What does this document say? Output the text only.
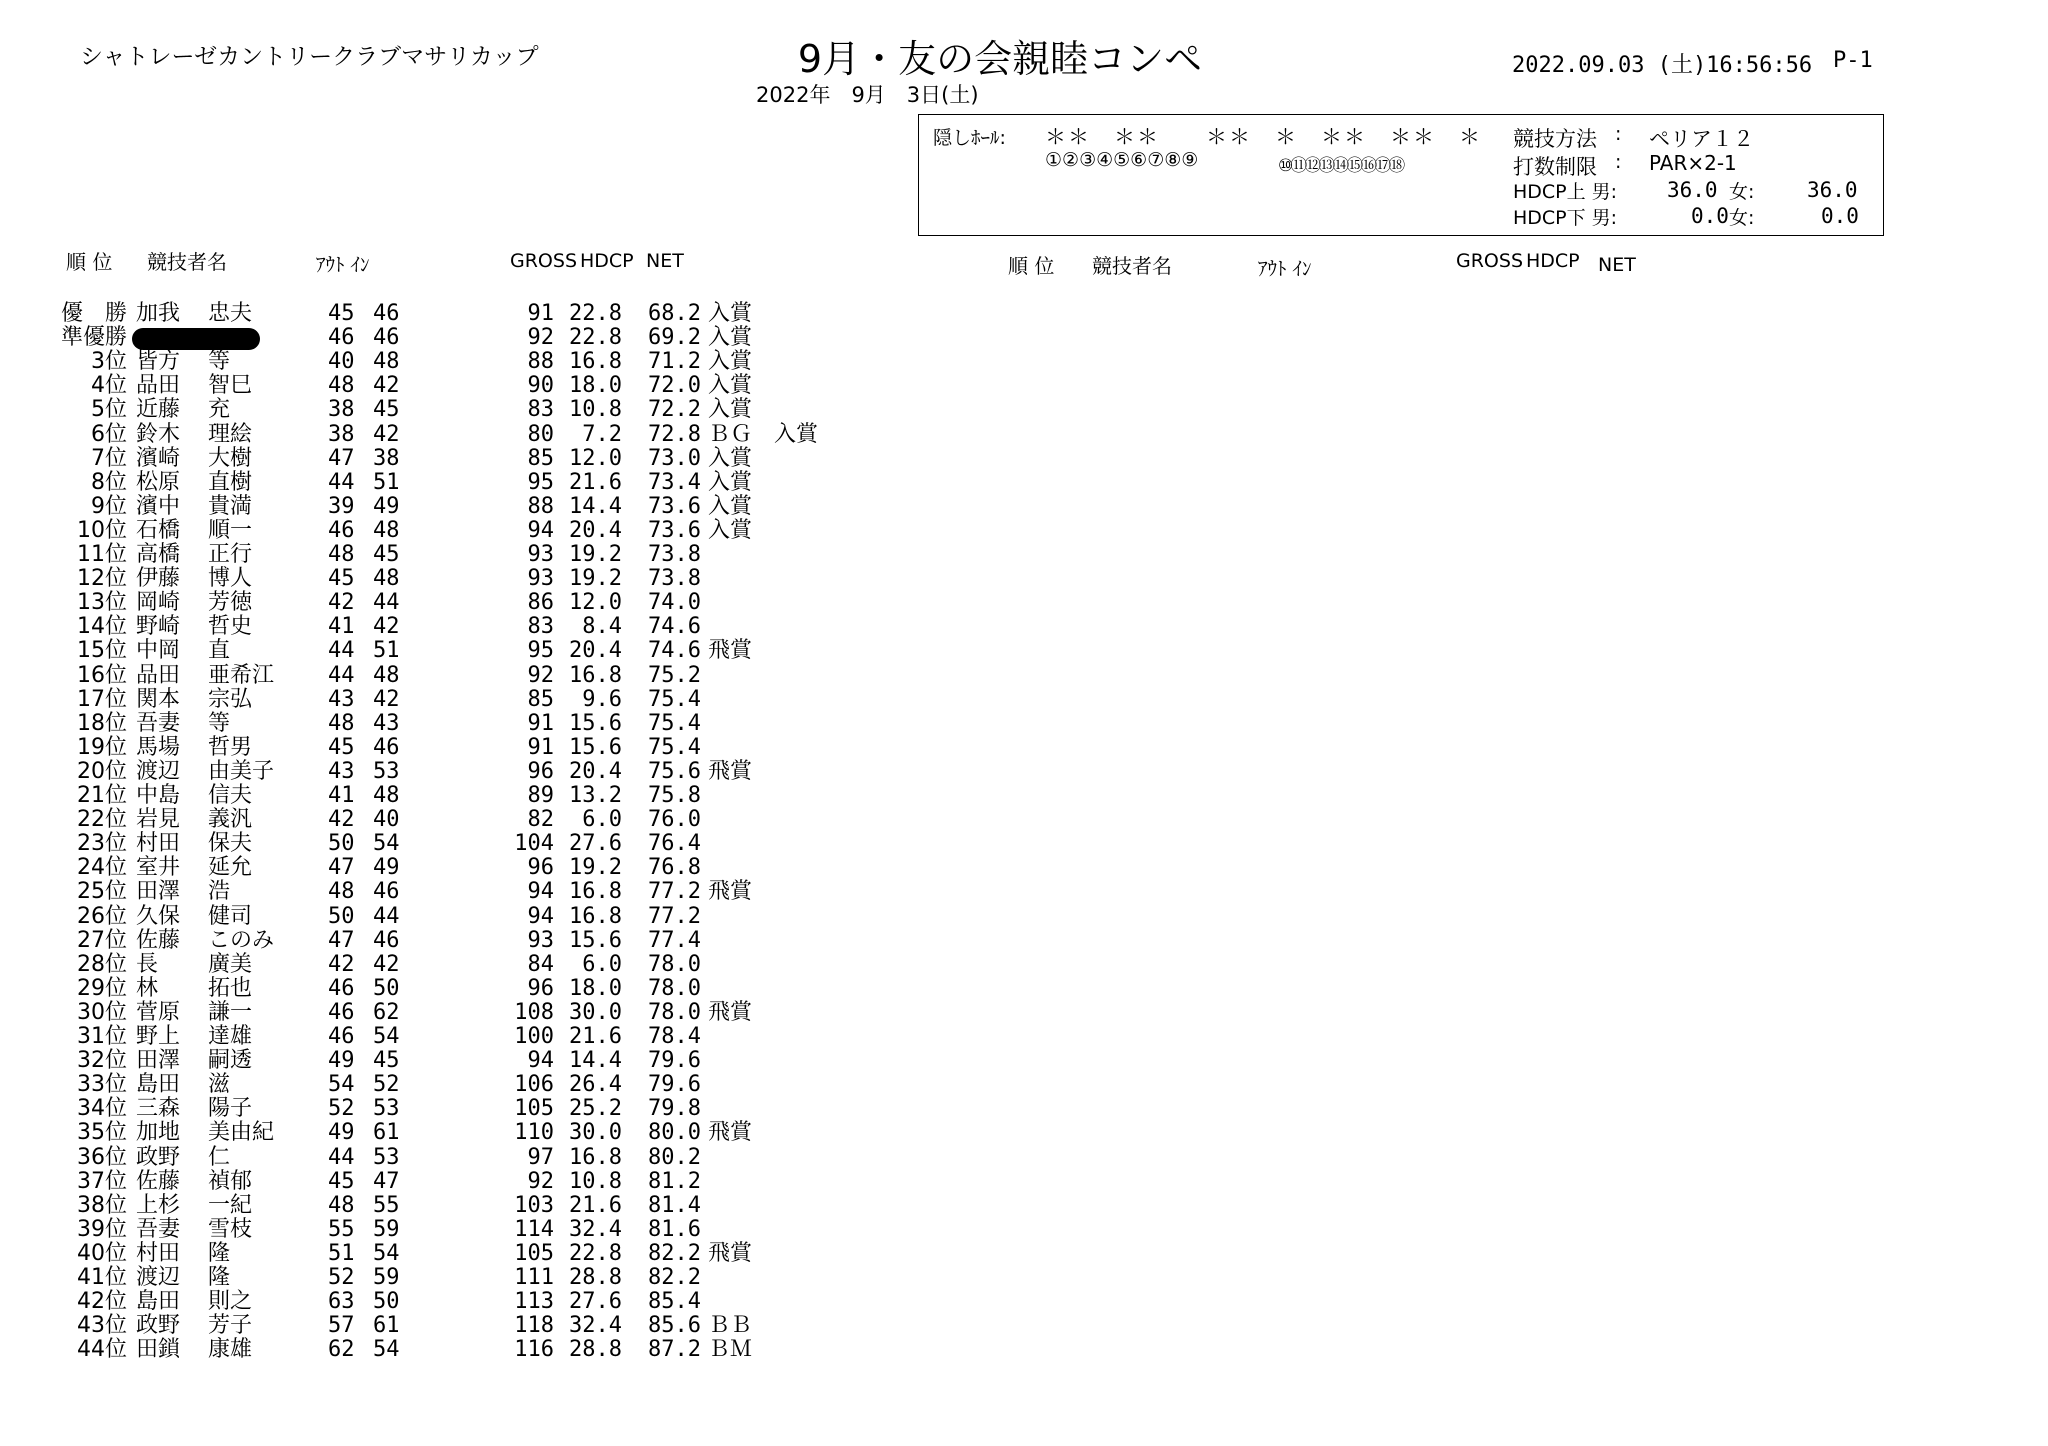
シャトレーゼカントリークラブマサリカップ	9月・友の会親睦コンペ	2022.09.03 (土)16:56:56 P-1
2022年　9月　3日(土)
隠しﾎｰﾙ: ＊＊　＊＊　　＊＊　＊　＊＊　＊＊　＊
①②③④⑤⑥⑦⑧⑨	⑩⑪⑫⑬⑭⑮⑯⑰⑱
競技方法 : ペリア１２
打数制限 : PAR×2-1
HDCP上 男: 36.0 女:	36.0
HDCP下 男:	0.0 女:	0.0
順 位 競技者名	ｱｳﾄ ｲﾝ	GROSS HDCP NET	順 位 競技者名	ｱｳﾄ ｲﾝ	GROSS HDCP NET
優　勝 加我 忠夫	45 46	91 22.8 68.2 入賞
準優勝	46 46	92 22.8 69.2 入賞
3位 皆方 等	40 48	88 16.8 71.2 入賞
4位 品田 智巳	48 42	90 18.0 72.0 入賞
5位 近藤 充	38 45	83 10.8 72.2 入賞
6位 鈴木 理絵	38 42	80	7.2 72.8 ＢＧ　入賞
7位 濱崎 大樹	47 38	85 12.0 73.0 入賞
8位 松原 直樹	44 51	95 21.6 73.4 入賞
9位 濱中 貴満	39 49	88 14.4 73.6 入賞
10位 石橋 順一	46 48	94 20.4 73.6 入賞
11位 高橋 正行	48 45	93 19.2 73.8
12位 伊藤 博人	45 48	93 19.2 73.8
13位 岡崎 芳徳	42 44	86 12.0 74.0
14位 野崎 哲史	41 42	83	8.4 74.6
15位 中岡 直	44 51	95 20.4 74.6 飛賞
16位 品田 亜希江 44 48	92 16.8 75.2
17位 関本 宗弘	43 42	85	9.6 75.4
18位 吾妻 等	48 43	91 15.6 75.4
19位 馬場 哲男	45 46	91 15.6 75.4
20位 渡辺 由美子 43 53	96 20.4 75.6 飛賞
21位 中島 信夫	41 48	89 13.2 75.8
22位 岩見 義汎	42 40	82	6.0 76.0
23位 村田 保夫	50 54	104 27.6 76.4
24位 室井 延允	47 49	96 19.2 76.8
25位 田澤 浩	48 46	94 16.8 77.2 飛賞
26位 久保 健司	50 44	94 16.8 77.2
27位 佐藤 このみ 47 46	93 15.6 77.4
28位 長 廣美	42 42	84	6.0 78.0
29位 林 拓也	46 50	96 18.0 78.0
30位 菅原 謙一	46 62	108 30.0 78.0 飛賞
31位 野上 達雄	46 54	100 21.6 78.4
32位 田澤 嗣透	49 45	94 14.4 79.6
33位 島田 滋	54 52	106 26.4 79.6
34位 三森 陽子	52 53	105 25.2 79.8
35位 加地 美由紀 49 61	110 30.0 80.0 飛賞
36位 政野 仁	44 53	97 16.8 80.2
37位 佐藤 禎郁	45 47	92 10.8 81.2
38位 上杉 一紀	48 55	103 21.6 81.4
39位 吾妻 雪枝	55 59	114 32.4 81.6
40位 村田 隆	51 54	105 22.8 82.2 飛賞
41位 渡辺 隆	52 59	111 28.8 82.2
42位 島田 則之	63 50	113 27.6 85.4
43位 政野 芳子	57 61	118 32.4 85.6 ＢＢ
44位 田鎖 康雄	62 54	116 28.8 87.2 ＢＭ
